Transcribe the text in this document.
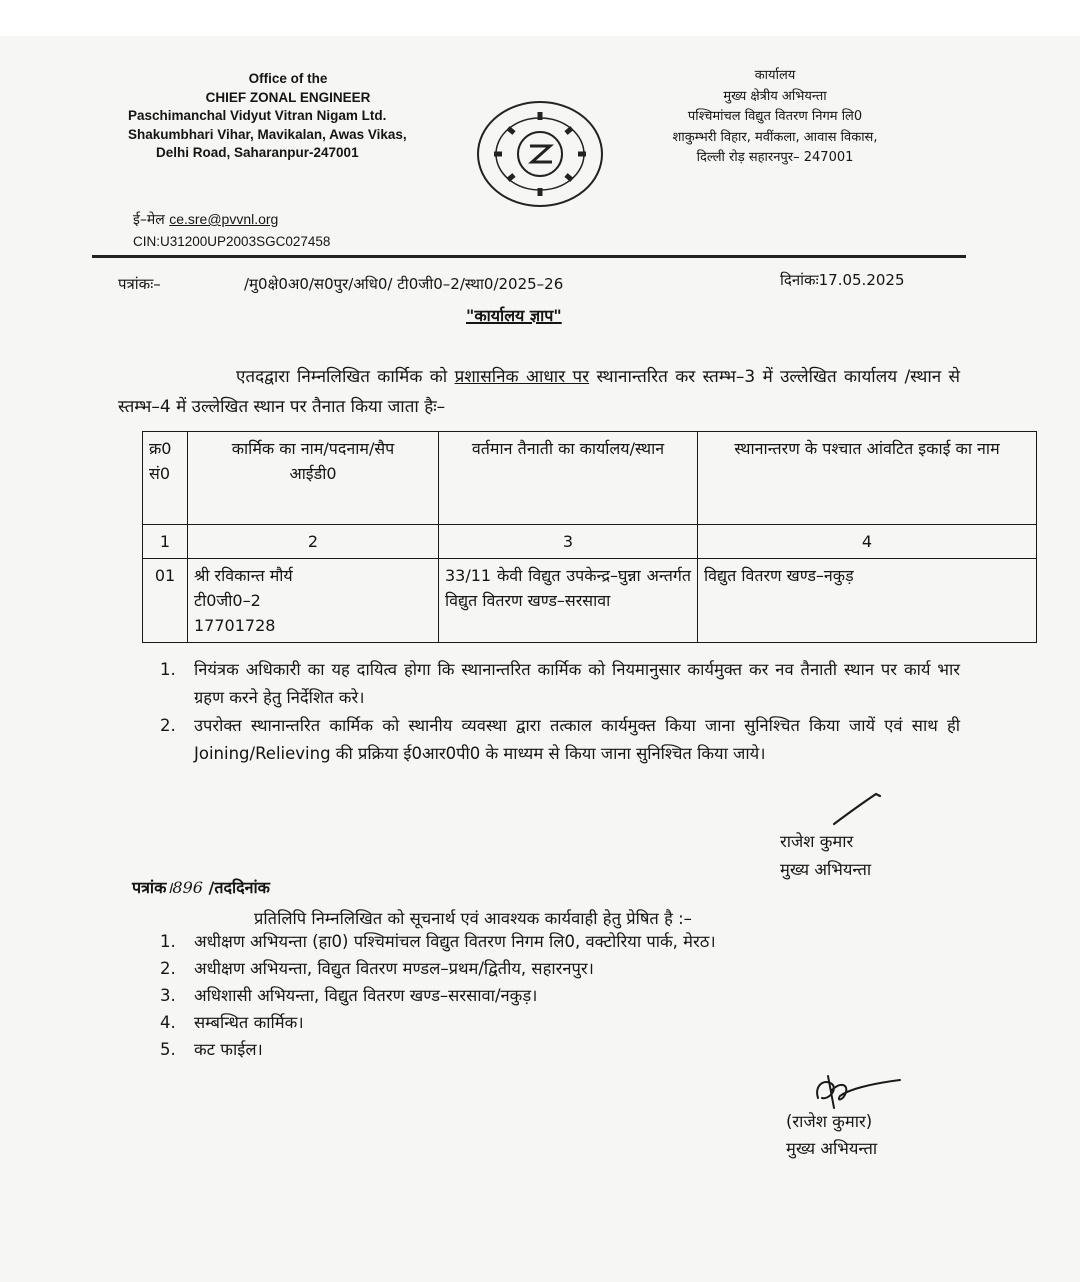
Office of the
CHIEF ZONAL ENGINEER
Paschimanchal Vidyut Vitran Nigam Ltd.
Shakumbhari Vihar, Mavikalan, Awas Vikas,
Delhi Road, Saharanpur-247001
कार्यालय
मुख्य क्षेत्रीय अभियन्ता
पश्चिमांचल विद्युत वितरण निगम लि0
शाकुम्भरी विहार, मवींकला, आवास विकास,
दिल्ली रोड़ सहारनपुर– 247001
ई–मेल ce.sre@pvvnl.org
CIN:U31200UP2003SGC027458
पत्रांकः–	/मु0क्षे0अ0/स0पुर/अधि0/ टी0जी0–2/स्था0/2025–26	दिनांकः17.05.2025
"कार्यालय ज्ञाप"
एतदद्वारा निम्नलिखित कार्मिक को प्रशासनिक आधार पर स्थानान्तरित कर स्तम्भ–3 में उल्लेखित कार्यालय /स्थान से स्तम्भ–4 में उल्लेखित स्थान पर तैनात किया जाता हैः–
क्र0 सं0	कार्मिक का नाम/पदनाम/सैप आईडी0	वर्तमान तैनाती का कार्यालय/स्थान	स्थानान्तरण के पश्चात आंवटित इकाई का नाम
1	2	3	4
01	श्री रविकान्त मौर्य
टी0जी0–2
17701728	33/11 केवी विद्युत उपकेन्द्र–घुन्ना अन्तर्गत विद्युत वितरण खण्ड–सरसावा	विद्युत वितरण खण्ड–नकुड़
1. नियंत्रक अधिकारी का यह दायित्व होगा कि स्थानान्तरित कार्मिक को नियमानुसार कार्यमुक्त कर नव तैनाती स्थान पर कार्य भार ग्रहण करने हेतु निर्देशित करे।
2. उपरोक्त स्थानान्तरित कार्मिक को स्थानीय व्यवस्था द्वारा तत्काल कार्यमुक्त किया जाना सुनिश्चित किया जायें एवं साथ ही Joining/Relieving की प्रक्रिया ई0आर0पी0 के माध्यम से किया जाना सुनिश्चित किया जाये।
राजेश कुमार
मुख्य अभियन्ता
पत्रांक।896 /तददिनांक
प्रतिलिपि निम्नलिखित को सूचनार्थ एवं आवश्यक कार्यवाही हेतु प्रेषित है :–
1. अधीक्षण अभियन्ता (हा0) पश्चिमांचल विद्युत वितरण निगम लि0, वक्टोरिया पार्क, मेरठ।
2. अधीक्षण अभियन्ता, विद्युत वितरण मण्डल–प्रथम/द्वितीय, सहारनपुर।
3. अधिशासी अभियन्ता, विद्युत वितरण खण्ड–सरसावा/नकुड़।
4. सम्बन्धित कार्मिक।
5. कट फाईल।
(राजेश कुमार)
मुख्य अभियन्ता
